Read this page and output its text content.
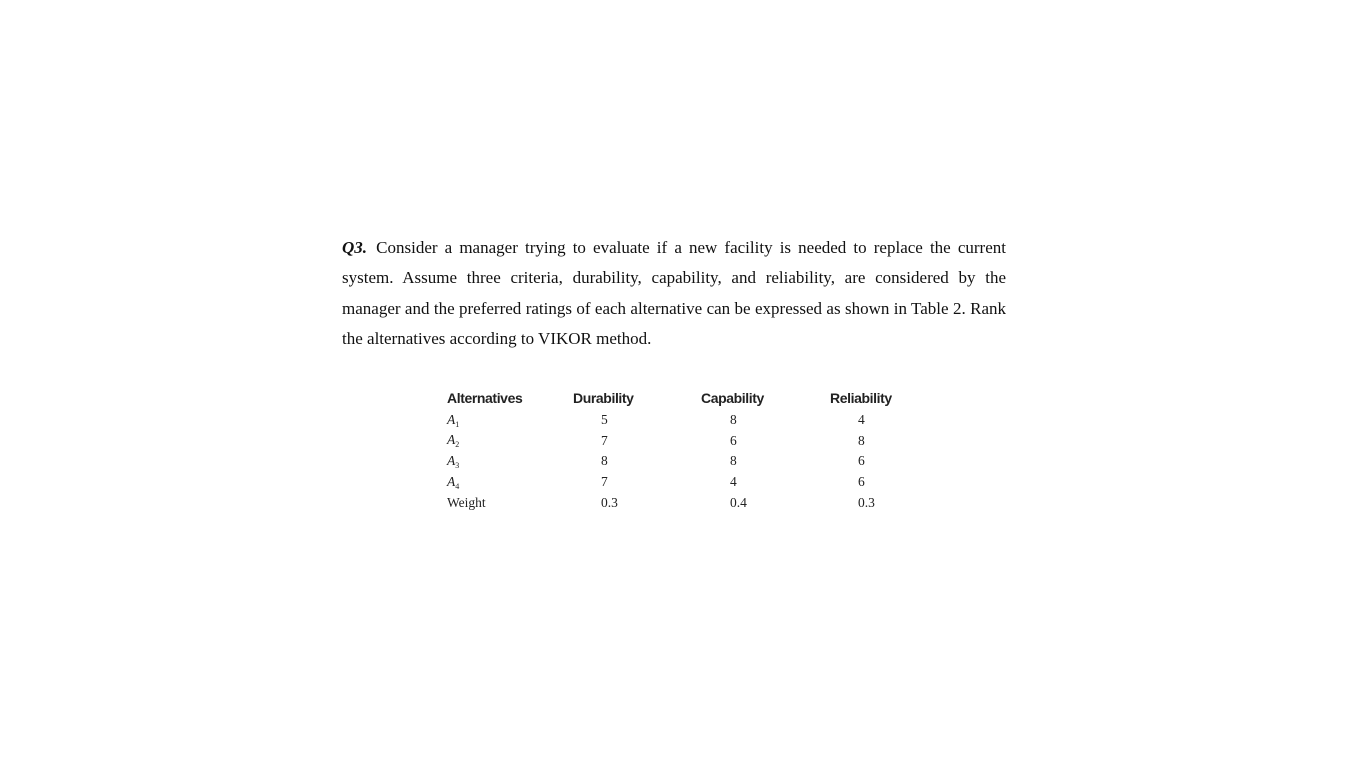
Q3. Consider a manager trying to evaluate if a new facility is needed to replace the current system. Assume three criteria, durability, capability, and reliability, are considered by the manager and the preferred ratings of each alternative can be expressed as shown in Table 2. Rank the alternatives according to VIKOR method.

Alternatives	Durability	Capability	Reliability
$A_1$	5	8	4
$A_2$	7	6	8
$A_3$	8	8	6
$A_4$	7	4	6
Weight	0.3	0.4	0.3
